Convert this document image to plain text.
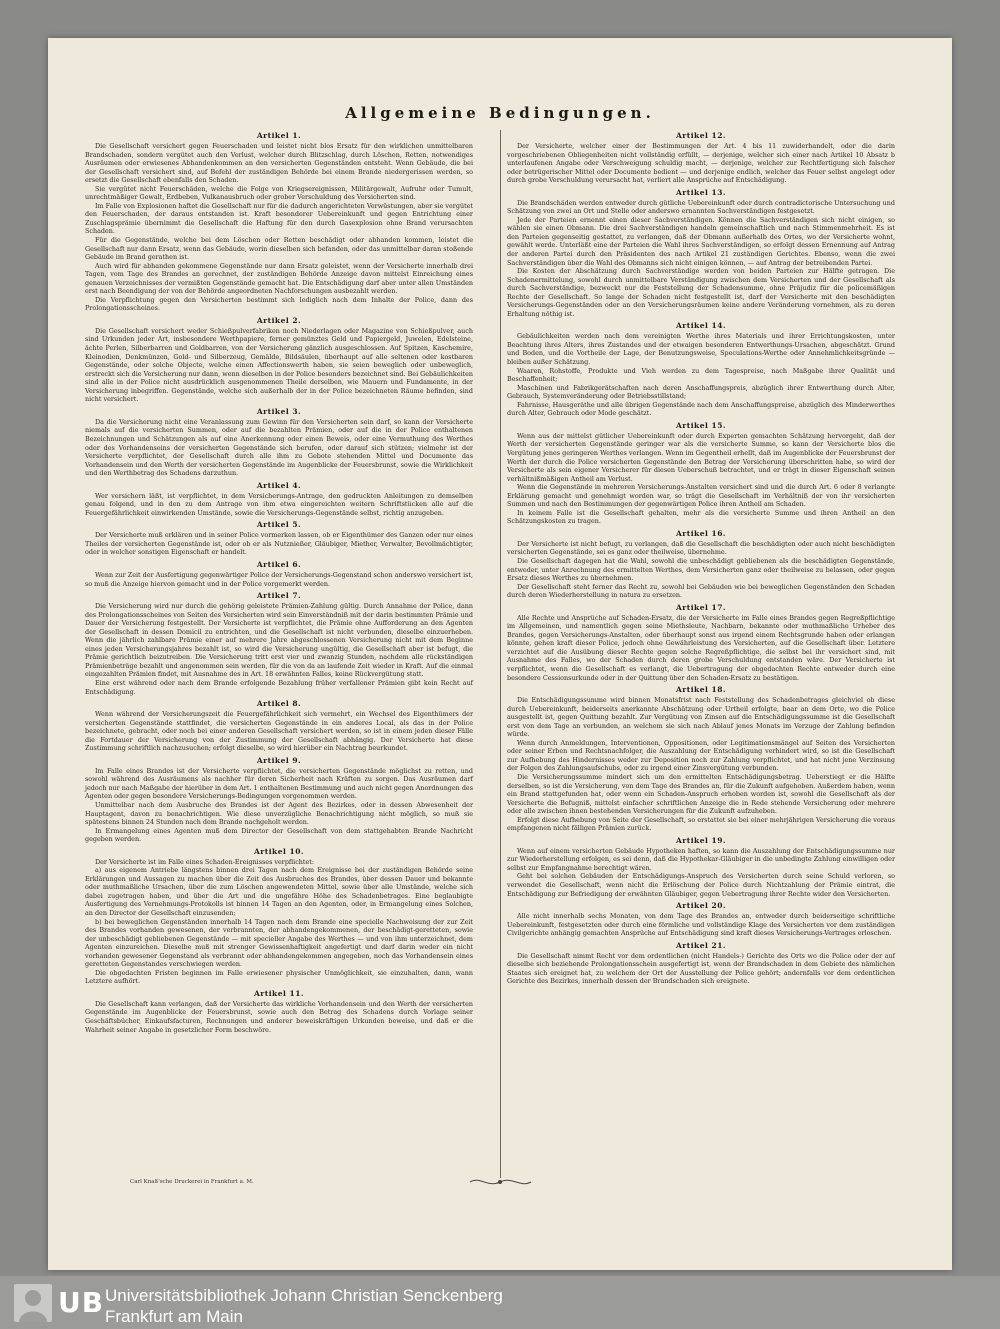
Allgemeine Bedingungen.
Artikel 1.

Die Gesellschaft versichert gegen Feuerschaden und leistet nicht blos Ersatz für den wirklichen unmittelbaren Brandschaden, sondern vergütet auch den Verlust, welcher durch Blitzschlag, durch Löschen, Retten, notwendiges Ausräumen oder erwiesenes Abhandenkommen an den versicherten Gegenständen entsteht. Wenn Gebäude, die bei der Gesellschaft versichert sind, auf Befehl der zuständigen Behörde bei einem Brande niedergerissen werden, so ersetzt die Gesellschaft ebenfalls den Schaden.

Sie vergütet nicht Feuerschäden, welche die Folge von Kriegsereignissen, Militärgewalt, Aufruhr oder Tumult, unrechtmäßiger Gewalt, Erdbeben, Vulkanausbruch oder grober Verschuldung des Versicherten sind.

Im Falle von Explosionen haftet die Gesellschaft nur für die dadurch angerichteten Verwüstungen, aber sie vergütet den Feuerschaden, der daraus entstanden ist. Kraft besonderer Uebereinkunft und gegen Entrichtung einer Zuschlagsprämie übernimmt die Gesellschaft die Haftung für den durch Gasexplosion ohne Brand verursachten Schaden.

Für die Gegenstände, welche bei dem Löschen oder Retten beschädigt oder abhanden kommen, leistet die Gesellschaft nur dann Ersatz, wenn das Gebäude, worin dieselben sich befanden, oder das unmittelbar daran stoßende Gebäude im Brand gerathen ist.

Auch wird für abhanden gekommene Gegenstände nur dann Ersatz geleistet, wenn der Versicherte innerhalb drei Tagen, vom Tage des Brandes an gerechnet, der zuständigen Behörde Anzeige davon mittelst Einreichung eines genauen Verzeichnisses der vermißten Gegenstände gemacht hat. Die Entschädigung darf aber unter allen Umständen erst nach Beendigung der von der Behörde angeordneten Nachforschungen ausbezahlt werden.

Die Verpflichtung gegen den Versicherten bestimmt sich lediglich nach dem Inhalte der Police, dann des Prolongationsscheines.

Artikel 2.

Die Gesellschaft versichert weder Schießpulverfabriken noch Niederlagen oder Magazine von Schießpulver, auch sind Urkunden jeder Art, insbesondere Werthpapiere, ferner gemünztes Geld und Papiergeld, Juwelen, Edelsteine, ächte Perlen, Silberbarren und Goldbarren, von der Versicherung gänzlich ausgeschlossen. Auf Spitzen, Kaschemire, Kleinodien, Denkmünzen, Gold- und Silberzeug, Gemälde, Bildsäulen, überhaupt auf alle seltenen oder kostbaren Gegenstände, oder solche Objecte, welche einen Affectionswerth haben, sie seien beweglich oder unbeweglich, erstreckt sich die Versicherung nur dann, wenn dieselben in der Police besonders bezeichnet sind. Bei Gebäulichkeiten sind alle in der Police nicht ausdrücklich ausgenommenen Theile derselben, wie Mauern und Fundamente, in der Versicherung inbegriffen. Gegenstände, welche sich außerhalb der in der Police bezeichneten Räume befinden, sind nicht versichert.

Artikel 3.

Da die Versicherung nicht eine Veranlassung zum Gewinn für den Versicherten sein darf, so kann der Versicherte niemals auf die versicherten Summen, oder auf die bezahlten Prämien, oder auf die in der Police enthaltenen Bezeichnungen und Schätzungen als auf eine Anerkennung oder einen Beweis, oder eine Vermuthung des Werthes oder des Vorhandenseins der versicherten Gegenstände sich berufen, oder darauf sich stützen; vielmehr ist der Versicherte verpflichtet, der Gesellschaft durch alle ihm zu Gebote stehenden Mittel und Documente das Vorhandensein und den Werth der versicherten Gegenstände im Augenblicke der Feuersbrunst, sowie die Wirklichkeit und den Werthbetrag des Schadens darzuthun.

Artikel 4.

Wer versichern läßt, ist verpflichtet, in dem Versicherungs-Antrage, den gedruckten Anleitungen zu demselben genau folgend, und in den zu dem Antrage von ihm etwa eingereichten weitern Schriftstücken alle auf die Feuergefährlichkeit einwirkenden Umstände, sowie die Versicherungs-Gegenstände selbst, richtig anzugeben.

Artikel 5.

Der Versicherte muß erklären und in seiner Police vormerken lassen, ob er Eigenthümer des Ganzen oder nur eines Theiles der versicherten Gegenstände ist, oder ob er als Nutznießer, Gläubiger, Miether, Verwalter, Bevollmächtigter, oder in welcher sonstigen Eigenschaft er handelt.

Artikel 6.

Wenn zur Zeit der Ausfertigung gegenwärtiger Police der Versicherungs-Gegenstand schon anderswo versichert ist, so muß die Anzeige hiervon gemacht und in der Police vorgemerkt werden.

Artikel 7.

Die Versicherung wird nur durch die gehörig geleistete Prämien-Zahlung gültig. Durch Annahme der Police, dann des Prolongationsscheines von Seiten des Versicherten wird sein Einverständniß mit der darin bestimmten Prämie und Dauer der Versicherung festgestellt. Der Versicherte ist verpflichtet, die Prämie ohne Aufforderung an den Agenten der Gesellschaft in dessen Domicil zu entrichten, und die Gesellschaft ist nicht verbunden, dieselbe einzuerheben. Wenn die jährlich zahlbare Prämie einer auf mehrere Jahre abgeschlossenen Versicherung nicht mit dem Beginne eines jeden Versicherungsjahres bezahlt ist, so wird die Versicherung ungültig, die Gesellschaft aber ist befugt, die Prämie gerichtlich beizutreiben. Die Versicherung tritt erst vier und zwanzig Stunden, nachdem alle rückständigen Prämienbeträge bezahlt und angenommen sein werden, für die von da an laufende Zeit wieder in Kraft. Auf die einmal eingezahlten Prämien findet, mit Ausnahme des in Art. 18 erwähnten Falles, keine Rückvergütung statt.

Eine erst während oder nach dem Brande erfolgende Bezahlung früher verfallener Prämien gibt kein Recht auf Entschädigung.

Artikel 8.

Wenn während der Versicherungszeit die Feuergefährlichkeit sich vermehrt, ein Wechsel des Eigenthümers der versicherten Gegenstände stattfindet, die versicherten Gegenstände in ein anderes Local, als das in der Police bezeichnete, gebracht, oder noch bei einer anderen Gesellschaft versichert werden, so ist in einem jeden dieser Fälle die Fortdauer der Versicherung von der Zustimmung der Gesellschaft abhängig. Der Versicherte hat diese Zustimmung schriftlich nachzusuchen; erfolgt dieselbe, so wird hierüber ein Nachtrag beurkundet.

Artikel 9.

Im Falle eines Brandes ist der Versicherte verpflichtet, die versicherten Gegenstände möglichst zu retten, und sowohl während des Ausräumens als nachher für deren Sicherheit nach Kräften zu sorgen. Das Ausräumen darf jedoch nur nach Maßgabe der hierüber in dem Art. 1 enthaltenen Bestimmung und auch nicht gegen Anordnungen des Agenten oder gegen besondere Versicherungs-Bedingungen vorgenommen werden.

Unmittelbar nach dem Ausbruche des Brandes ist der Agent des Bezirkes, oder in dessen Abwesenheit der Hauptagent, davon zu benachrichtigen. Wie diese unverzügliche Benachrichtigung nicht möglich, so muß sie spätestens binnen 24 Stunden nach dem Brande nachgeholt werden.

In Ermangelung eines Agenten muß dem Director der Gesellschaft von dem stattgehabten Brande Nachricht gegeben werden.

Artikel 10.

Der Versicherte ist im Falle eines Schaden-Ereignisses verpflichtet:

a) aus eigenem Antriebe längstens binnen drei Tagen nach dem Ereignisse bei der zuständigen Behörde seine Erklärungen und Aussagen zu machen über die Zeit des Ausbruches des Brandes, über dessen Dauer und bekannte oder muthmaßliche Ursachen, über die zum Löschen angewendeten Mittel, sowie über alle Umstände, welche sich dabei zugetragen haben, und über die Art und die ungefähre Höhe des Schadenbetrages. Eine beglaubigte Ausfertigung des Vernehmungs-Protokolls ist binnen 14 Tagen an den Agenten, oder, in Ermangelung eines Solchen, an den Director der Gesellschaft einzusenden;

b) bei beweglichen Gegenständen innerhalb 14 Tagen nach dem Brande eine specielle Nachweisung der zur Zeit des Brandes vorhanden gewesenen, der verbrannten, der abhandengekommenen, der beschädigt-geretteten, sowie der unbeschädigt gebliebenen Gegenstände — mit specieller Angabe des Werthes — und von ihm unterzeichnet, dem Agenten einzureichen. Dieselbe muß mit strenger Gewissenhaftigkeit angefertigt und darf darin weder ein nicht vorhanden gewesener Gegenstand als verbrannt oder abhandengekommen angegeben, noch das Vorhandensein eines geretteten Gegenstandes verschwiegen werden.

Die obgedachten Fristen beginnen im Falle erwiesener physischer Unmöglichkeit, sie einzuhalten, dann, wann Letztere aufhört.

Artikel 11.

Die Gesellschaft kann verlangen, daß der Versicherte das wirkliche Vorhandensein und den Werth der versicherten Gegenstände im Augenblicke der Feuersbrunst, sowie auch den Betrag des Schadens durch Vorlage seiner Geschäftsbücher, Einkaufsfacturen, Rechnungen und anderer beweiskräftigen Urkunden beweise, und daß er die Wahrheit seiner Angabe in gesetzlicher Form beschwöre.

Artikel 12.

Der Versicherte, welcher einer der Bestimmungen der Art. 4 bis 11 zuwiderhandelt, oder die darin vorgeschriebenen Obliegenheiten nicht vollständig erfüllt, — derjenige, welcher sich einer nach Artikel 10 Absatz b unterlaufenen Angabe oder Verschweigung schuldig macht, — derjenige, welcher zur Rechtfertigung sich falscher oder betrügerischer Mittel oder Documente bedient — und derjenige endlich, welcher das Feuer selbst angelegt oder durch grobe Verschuldung verursacht hat, verliert alle Ansprüche auf Entschädigung.

Artikel 13.

Die Brandschäden werden entweder durch gütliche Uebereinkunft oder durch contradictorische Untersuchung und Schätzung von zwei an Ort und Stelle oder anderswo ernannten Sachverständigen festgesetzt.

Jede der Parteien ernennt einen dieser Sachverständigen. Können die Sachverständigen sich nicht einigen, so wählen sie einen Obmann. Die drei Sachverständigen handeln gemeinschaftlich und nach Stimmenmehrheit. Es ist den Parteien gegenseitig gestattet, zu verlangen, daß der Obmann außerhalb des Ortes, wo der Versicherte wohnt, gewählt werde. Unterläßt eine der Parteien die Wahl ihres Sachverständigen, so erfolgt dessen Ernennung auf Antrag der anderen Partei durch den Präsidenten des nach Artikel 21 zuständigen Gerichtes. Ebenso, wenn die zwei Sachverständigen über die Wahl des Obmanns sich nicht einigen können, — auf Antrag der betreibenden Partei.

Die Kosten der Abschätzung durch Sachverständige werden von beiden Parteien zur Hälfte getragen. Die Schadenermittelung, sowohl durch unmittelbare Verständigung zwischen dem Versicherten und der Gesellschaft als durch Sachverständige, bezweckt nur die Feststellung der Schadensumme, ohne Präjudiz für die policemäßigen Rechte der Gesellschaft. So lange der Schaden nicht festgestellt ist, darf der Versicherte mit den beschädigten Versicherungs-Gegenständen oder an den Versicherungsräumen keine andere Veränderung vornehmen, als zu deren Erhaltung nöthig ist.

Artikel 14.

Gebäulichkeiten werden nach dem vereinigten Werthe ihres Materials und ihrer Errichtungskosten, unter Beachtung ihres Alters, ihres Zustandes und der etwaigen besonderen Entwerthungs-Ursachen, abgeschätzt. Grund und Boden, und die Vortheile der Lage, der Benutzungsweise, Speculations-Werthe oder Annehmlichkeitsgründe — bleiben außer Schätzung.

Waaren, Rohstoffe, Produkte und Vieh werden zu dem Tagespreise, nach Maßgabe ihrer Qualität und Beschaffenheit;

Maschinen und Fabrikgerätschaften nach deren Anschaffungspreis, abzüglich ihrer Entwerthung durch Alter, Gebrauch, Systemveränderung oder Betriebsstillstand;

Fahrnisse, Hausgeräthe und alle übrigen Gegenstände nach dem Anschaffungspreise, abzüglich des Minderwerthes durch Alter, Gebrauch oder Mode geschätzt.

Artikel 15.

Wenn aus der mittelst gütlicher Uebereinkunft oder durch Experten gemachten Schätzung hervorgeht, daß der Werth der versicherten Gegenstände geringer war als die versicherte Summe, so kann der Versicherte blos die Vergütung jenes geringeren Werthes verlangen. Wenn im Gegentheil erhellt, daß im Augenblicke der Feuersbrunst der Werth der durch die Police versicherten Gegenstände den Betrag der Versicherung überschritten habe, so wird der Versicherte als sein eigener Versicherer für diesen Ueberschuß betrachtet, und er trägt in dieser Eigenschaft seinen verhältnißmäßigen Antheil am Verlust.

Wenn die Gegenstände in mehreren Versicherungs-Anstalten versichert sind und die durch Art. 6 oder 8 verlangte Erklärung gemacht und genehmigt worden war, so trägt die Gesellschaft im Verhältniß der von ihr versicherten Summen und nach den Bestimmungen der gegenwärtigen Police ihren Antheil am Schaden.

In keinem Falle ist die Gesellschaft gehalten, mehr als die versicherte Summe und ihren Antheil an den Schätzungskosten zu tragen.

Artikel 16.

Der Versicherte ist nicht befugt, zu verlangen, daß die Gesellschaft die beschädigten oder auch nicht beschädigten versicherten Gegenstände, sei es ganz oder theilweise, übernehme.

Die Gesellschaft dagegen hat die Wahl, sowohl die unbeschädigt gebliebenen als die beschädigten Gegenstände, entweder, unter Anrechnung des ermittelten Werthes, dem Versicherten ganz oder theilweise zu belassen, oder gegen Ersatz dieses Werthes zu übernehmen.

Der Gesellschaft steht ferner das Recht zu, sowohl bei Gebäuden wie bei beweglichen Gegenständen den Schaden durch deren Wiederherstellung in natura zu ersetzen.

Artikel 17.

Alle Rechte und Ansprüche auf Schaden-Ersatz, die der Versicherte im Falle eines Brandes gegen Regreßpflichtige im Allgemeinen, und namentlich gegen seine Miethsleute, Nachbarn, bekannte oder muthmaßliche Urheber des Brandes, gegen Versicherungs-Anstalten, oder überhaupt sonst aus irgend einem Rechtsgrunde haben oder erlangen könnte, gehen kraft dieser Police, jedoch ohne Gewährleistung des Versicherten, auf die Gesellschaft über. Letztere verzichtet auf die Ausübung dieser Rechte gegen solche Regreßpflichtige, die selbst bei ihr versichert sind, mit Ausnahme des Falles, wo der Schaden durch deren grobe Verschuldung entstanden wäre. Der Versicherte ist verpflichtet, wenn die Gesellschaft es verlangt, die Uebertragung der obgedachten Rechte entweder durch eine besondere Cessionsurkunde oder in der Quittung über den Schaden-Ersatz zu bestätigen.

Artikel 18.

Die Entschädigungssumme wird binnen Monatsfrist nach Feststellung des Schadenbetrages gleichviel ob diese durch Uebereinkunft, beiderseits anerkannte Abschätzung oder Urtheil erfolgte, baar an dem Orte, wo die Police ausgestellt ist, gegen Quittung bezahlt. Zur Vergütung von Zinsen auf die Entschädigungssumme ist die Gesellschaft erst von dem Tage an verbunden, an welchem sie sich nach Ablauf jenes Monats im Verzuge der Zahlung befinden würde.

Wenn durch Anmeldungen, Interventionen, Oppositionen, oder Legitimationsmängel auf Seiten des Versicherten oder seiner Erben und Rechtsnachfolger, die Auszahlung der Entschädigung verhindert wird, so ist die Gesellschaft zur Aufhebung des Hindernisses weder zur Deposition noch zur Zahlung verpflichtet, und hat nicht jene Verzinsung der Folgen des Zahlungsaufschubs, oder zu irgend einer Zinsvergütung verbunden.

Die Versicherungssumme mindert sich um den ermittelten Entschädigungsbetrag. Ueberstiegt er die Hälfte derselben, so ist die Versicherung, von dem Tage des Brandes an, für die Zukunft aufgehoben. Außerdem haben, wenn ein Brand stattgefunden hat, oder wenn ein Schaden-Anspruch erhoben worden ist, sowohl die Gesellschaft als der Versicherte die Befugniß, mittelst einfacher schriftlichen Anzeige die in Rede stehende Versicherung oder mehrere oder alle zwischen ihnen bestehenden Versicherungen für die Zukunft aufzuheben.

Erfolgt diese Aufhebung von Seite der Gesellschaft, so erstattet sie bei einer mehrjährigen Versicherung die voraus empfangenen nicht fälligen Prämien zurück.

Artikel 19.

Wenn auf einem versicherten Gebäude Hypotheken haften, so kann die Auszahlung der Entschädigungssumme nur zur Wiederherstellung erfolgen, es sei denn, daß die Hypothekar-Gläubiger in die unbedingte Zahlung einwilligen oder selbst zur Empfangnahme berechtigt wären.

Geht bei solchen Gebäuden der Entschädigungs-Anspruch des Versicherten durch seine Schuld verloren, so verwendet die Gesellschaft, wenn nicht die Erlöschung der Police durch Nichtzahlung der Prämie eintrat, die Entschädigung zur Befriedigung der erwähnten Gläubiger, gegen Uebertragung ihrer Rechte wider den Versicherten.

Artikel 20.

Alle nicht innerhalb sechs Monaten, von dem Tage des Brandes an, entweder durch beiderseitige schriftliche Uebereinkunft, festgesetzten oder durch eine förmliche und vollständige Klage des Versicherten vor dem zuständigen Civilgerichte anhängig gemachten Ansprüche auf Entschädigung sind kraft dieses Versicherungs-Vertrages erloschen.

Artikel 21.

Die Gesellschaft nimmt Recht vor dem ordentlichen (nicht Handels-) Gerichte des Orts wo die Police oder der auf dieselbe sich beziehende Prolongationsschein ausgefertigt ist, wenn der Brandschaden in dem Gebiete des nämlichen Staates sich ereignet hat, zu welchem der Ort der Ausstellung der Police gehört; andernfalls vor dem ordentlichen Gerichte des Bezirkes, innerhalb dessen der Brandschaden sich ereignete.

Carl Knaß'sche Druckerei in Frankfurt a. M.
UB Universitätsbibliothek Johann Christian Senckenberg
Frankfurt am Main
